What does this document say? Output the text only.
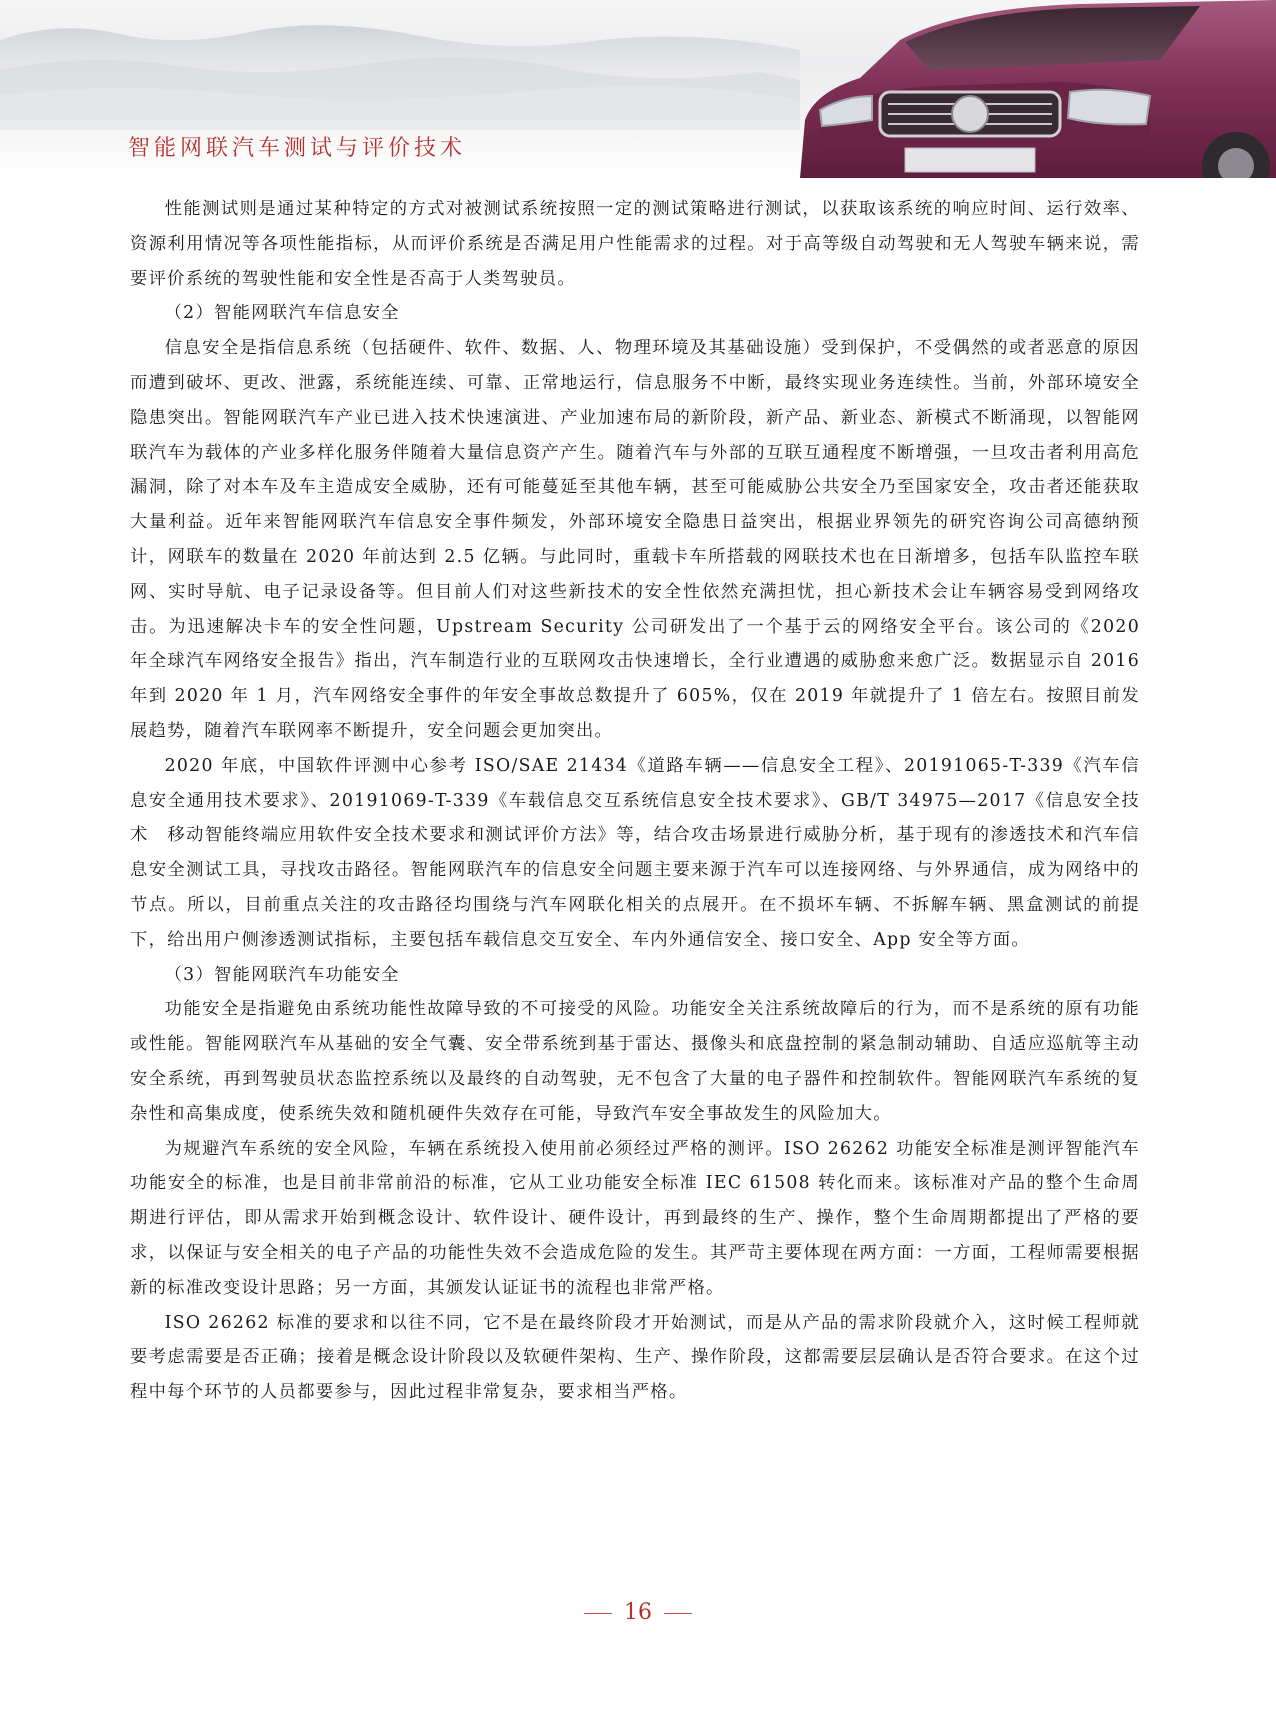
智能网联汽车测试与评价技术

性能测试则是通过某种特定的方式对被测试系统按照一定的测试策略进行测试，以获取该系统的响应时间、运行效率、资源利用情况等各项性能指标，从而评价系统是否满足用户性能需求的过程。对于高等级自动驾驶和无人驾驶车辆来说，需要评价系统的驾驶性能和安全性是否高于人类驾驶员。

（2）智能网联汽车信息安全

信息安全是指信息系统（包括硬件、软件、数据、人、物理环境及其基础设施）受到保护，不受偶然的或者恶意的原因而遭到破坏、更改、泄露，系统能连续、可靠、正常地运行，信息服务不中断，最终实现业务连续性。当前，外部环境安全隐患突出。智能网联汽车产业已进入技术快速演进、产业加速布局的新阶段，新产品、新业态、新模式不断涌现，以智能网联汽车为载体的产业多样化服务伴随着大量信息资产产生。随着汽车与外部的互联互通程度不断增强，一旦攻击者利用高危漏洞，除了对本车及车主造成安全威胁，还有可能蔓延至其他车辆，甚至可能威胁公共安全乃至国家安全，攻击者还能获取大量利益。近年来智能网联汽车信息安全事件频发，外部环境安全隐患日益突出，根据业界领先的研究咨询公司高德纳预计，网联车的数量在 2020 年前达到 2.5 亿辆。与此同时，重载卡车所搭载的网联技术也在日渐增多，包括车队监控车联网、实时导航、电子记录设备等。但目前人们对这些新技术的安全性依然充满担忧，担心新技术会让车辆容易受到网络攻击。为迅速解决卡车的安全性问题，Upstream Security 公司研发出了一个基于云的网络安全平台。该公司的《2020 年全球汽车网络安全报告》指出，汽车制造行业的互联网攻击快速增长，全行业遭遇的威胁愈来愈广泛。数据显示自 2016 年到 2020 年 1 月，汽车网络安全事件的年安全事故总数提升了 605%，仅在 2019 年就提升了 1 倍左右。按照目前发展趋势，随着汽车联网率不断提升，安全问题会更加突出。

2020 年底，中国软件评测中心参考 ISO/SAE 21434《道路车辆——信息安全工程》、20191065-T-339《汽车信息安全通用技术要求》、20191069-T-339《车载信息交互系统信息安全技术要求》、GB/T 34975—2017《信息安全技术　移动智能终端应用软件安全技术要求和测试评价方法》等，结合攻击场景进行威胁分析，基于现有的渗透技术和汽车信息安全测试工具，寻找攻击路径。智能网联汽车的信息安全问题主要来源于汽车可以连接网络、与外界通信，成为网络中的节点。所以，目前重点关注的攻击路径均围绕与汽车网联化相关的点展开。在不损坏车辆、不拆解车辆、黑盒测试的前提下，给出用户侧渗透测试指标，主要包括车载信息交互安全、车内外通信安全、接口安全、App 安全等方面。

（3）智能网联汽车功能安全

功能安全是指避免由系统功能性故障导致的不可接受的风险。功能安全关注系统故障后的行为，而不是系统的原有功能或性能。智能网联汽车从基础的安全气囊、安全带系统到基于雷达、摄像头和底盘控制的紧急制动辅助、自适应巡航等主动安全系统，再到驾驶员状态监控系统以及最终的自动驾驶，无不包含了大量的电子器件和控制软件。智能网联汽车系统的复杂性和高集成度，使系统失效和随机硬件失效存在可能，导致汽车安全事故发生的风险加大。

为规避汽车系统的安全风险，车辆在系统投入使用前必须经过严格的测评。ISO 26262 功能安全标准是测评智能汽车功能安全的标准，也是目前非常前沿的标准，它从工业功能安全标准 IEC 61508 转化而来。该标准对产品的整个生命周期进行评估，即从需求开始到概念设计、软件设计、硬件设计，再到最终的生产、操作，整个生命周期都提出了严格的要求，以保证与安全相关的电子产品的功能性失效不会造成危险的发生。其严苛主要体现在两方面：一方面，工程师需要根据新的标准改变设计思路；另一方面，其颁发认证证书的流程也非常严格。

ISO 26262 标准的要求和以往不同，它不是在最终阶段才开始测试，而是从产品的需求阶段就介入，这时候工程师就要考虑需要是否正确；接着是概念设计阶段以及软硬件架构、生产、操作阶段，这都需要层层确认是否符合要求。在这个过程中每个环节的人员都要参与，因此过程非常复杂，要求相当严格。

16
